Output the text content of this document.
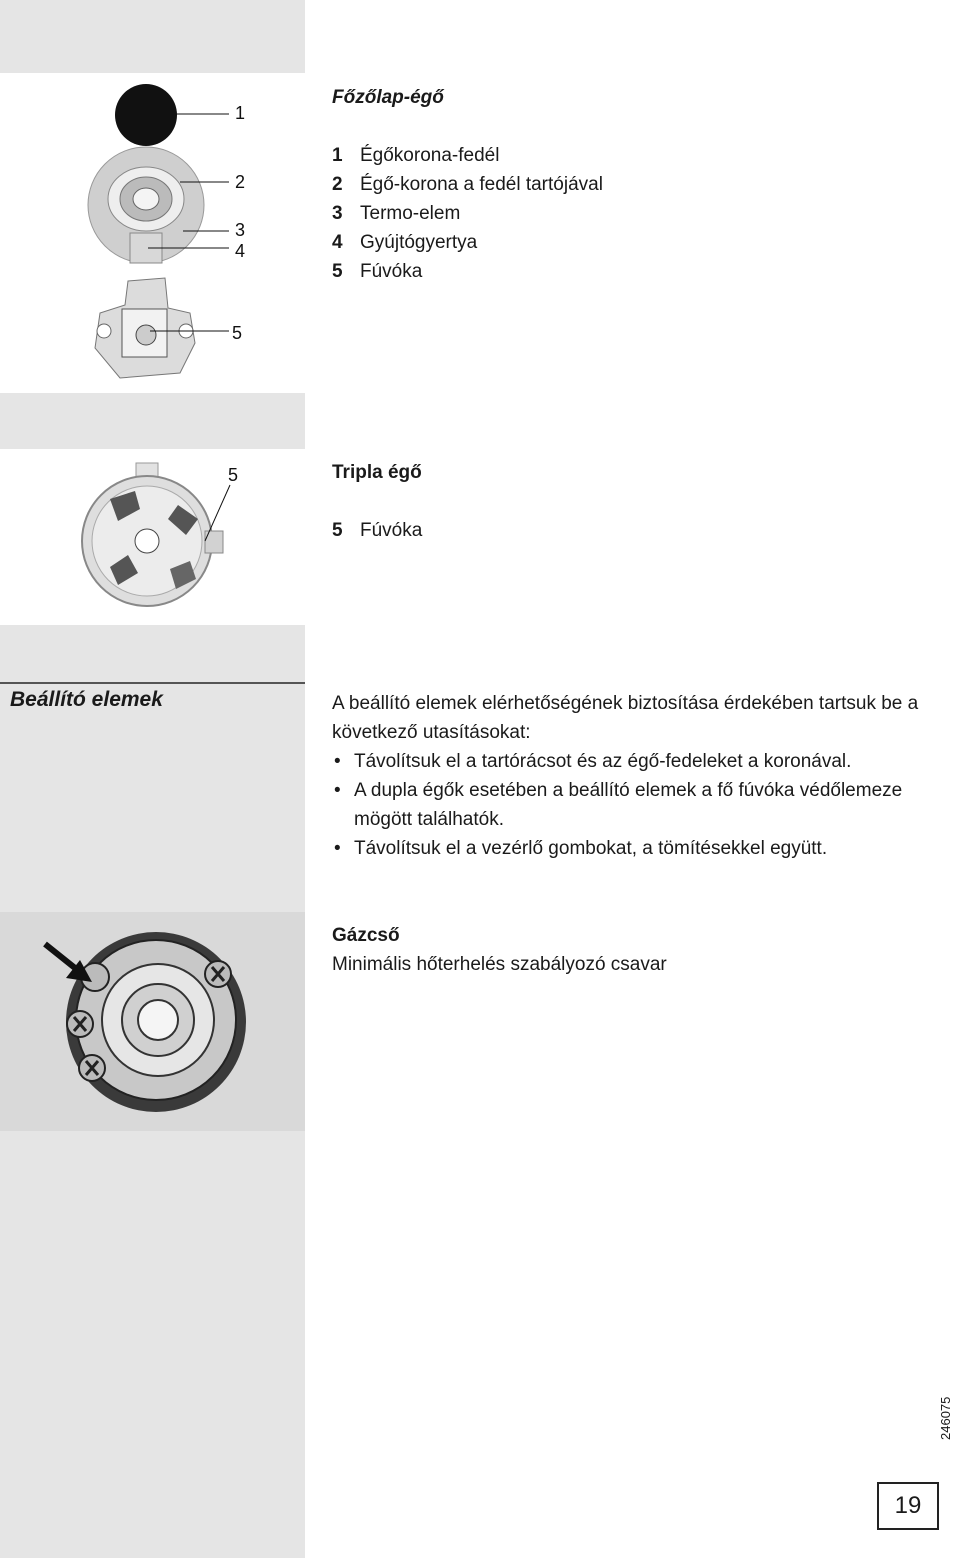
1
2
3
4
5
Főzőlap-égő
1 Égőkorona-fedél
2 Égő-korona a fedél tartójával
3 Termo-elem
4 Gyújtógyertya
5 Fúvóka
5	Tripla égő
5 Fúvóka
Beállító elemek	A beállító elemek elérhetőségének biztosítása érdekében tartsuk be a következő utasításokat:
• Távolítsuk el a tartórácsot és az égő-fedeleket a koronával.
• A dupla égők esetében a beállító elemek a fő fúvóka védőlemeze mögött találhatók.
• Távolítsuk el a vezérlő gombokat, a tömítésekkel együtt.
Gázcső
Minimális hőterhelés szabályozó csavar
246075
19
